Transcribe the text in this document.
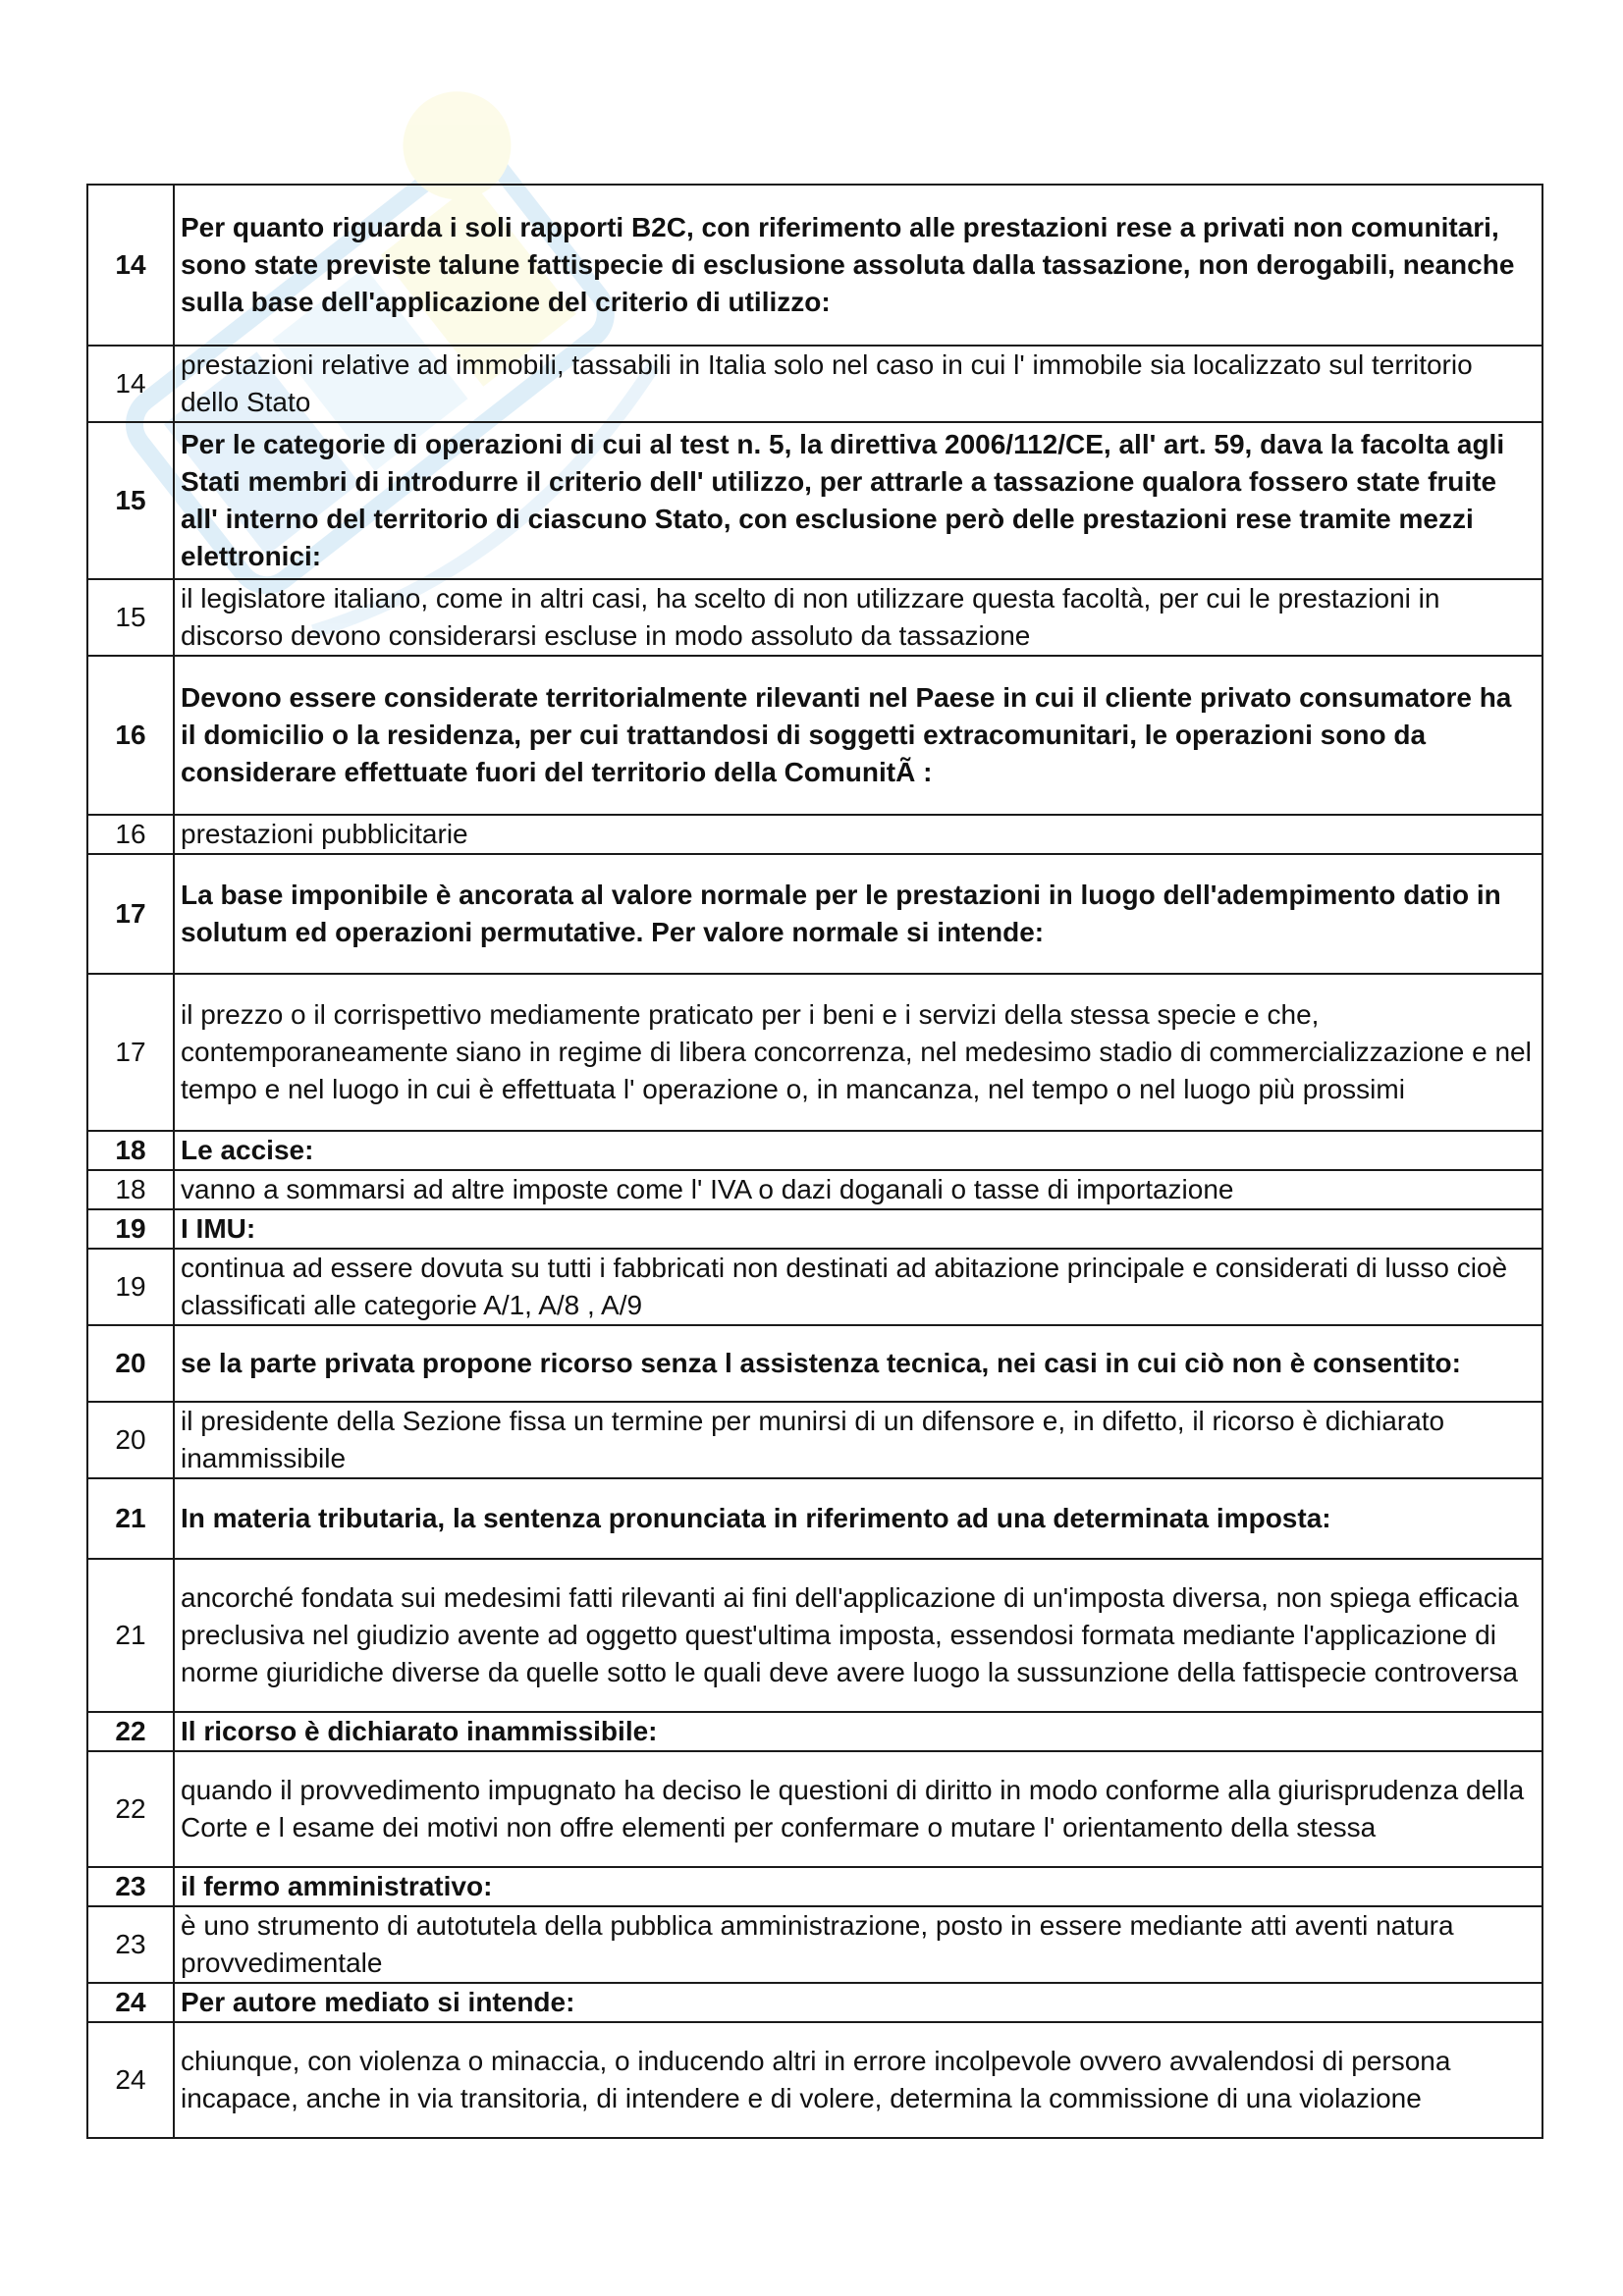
14	Per quanto riguarda i soli rapporti B2C, con riferimento alle prestazioni rese a privati non comunitari, sono state previste talune fattispecie di esclusione assoluta dalla tassazione, non derogabili, neanche sulla base dell'applicazione del criterio di utilizzo:
14	prestazioni relative ad immobili, tassabili in Italia solo nel caso in cui l' immobile sia localizzato sul territorio dello Stato
15	Per le categorie di operazioni di cui al test n. 5, la direttiva 2006/112/CE, all' art. 59, dava la facolta agli Stati membri di introdurre il criterio dell' utilizzo, per attrarle a tassazione qualora fossero state fruite all' interno del territorio di ciascuno Stato, con esclusione però delle prestazioni rese tramite mezzi elettronici:
15	il legislatore italiano, come in altri casi, ha scelto di non utilizzare questa facoltà, per cui le prestazioni in discorso devono considerarsi escluse in modo assoluto da tassazione
16	Devono essere considerate territorialmente rilevanti nel Paese in cui il cliente privato consumatore ha il domicilio o la residenza, per cui trattandosi di soggetti extracomunitari, le operazioni sono da considerare effettuate fuori del territorio della ComunitÃ :
16	prestazioni pubblicitarie
17	La base imponibile è ancorata al valore normale per le prestazioni in luogo dell'adempimento datio in solutum ed operazioni permutative. Per valore normale si intende:
17	il prezzo o il corrispettivo mediamente praticato per i beni e i servizi della stessa specie e che, contemporaneamente siano in regime di libera concorrenza, nel medesimo stadio di commercializzazione e nel tempo e nel luogo in cui è effettuata l' operazione o, in mancanza, nel tempo o nel luogo più prossimi
18	Le accise:
18	vanno a sommarsi ad altre imposte come l' IVA o dazi doganali o tasse di importazione
19	I IMU:
19	continua ad essere dovuta su tutti i fabbricati non destinati ad abitazione principale e considerati di lusso cioè classificati alle categorie A/1, A/8 , A/9
20	se la parte privata propone ricorso senza l assistenza tecnica, nei casi in cui ciò non è consentito:
20	il presidente della Sezione fissa un termine per munirsi di un difensore e, in difetto, il ricorso è dichiarato inammissibile
21	In materia tributaria, la sentenza pronunciata in riferimento ad una determinata imposta:
21	ancorché fondata sui medesimi fatti rilevanti ai fini dell'applicazione di un'imposta diversa, non spiega efficacia preclusiva nel giudizio avente ad oggetto quest'ultima imposta, essendosi formata mediante l'applicazione di norme giuridiche diverse da quelle sotto le quali deve avere luogo la sussunzione della fattispecie controversa
22	Il ricorso è dichiarato inammissibile:
22	quando il provvedimento impugnato ha deciso le questioni di diritto in modo conforme alla giurisprudenza della Corte e l esame dei motivi non offre elementi per confermare o mutare l' orientamento della stessa
23	il fermo amministrativo:
23	è uno strumento di autotutela della pubblica amministrazione, posto in essere mediante atti aventi natura provvedimentale
24	Per autore mediato si intende:
24	chiunque, con violenza o minaccia, o inducendo altri in errore incolpevole ovvero avvalendosi di persona incapace, anche in via transitoria, di intendere e di volere, determina la commissione di una violazione
